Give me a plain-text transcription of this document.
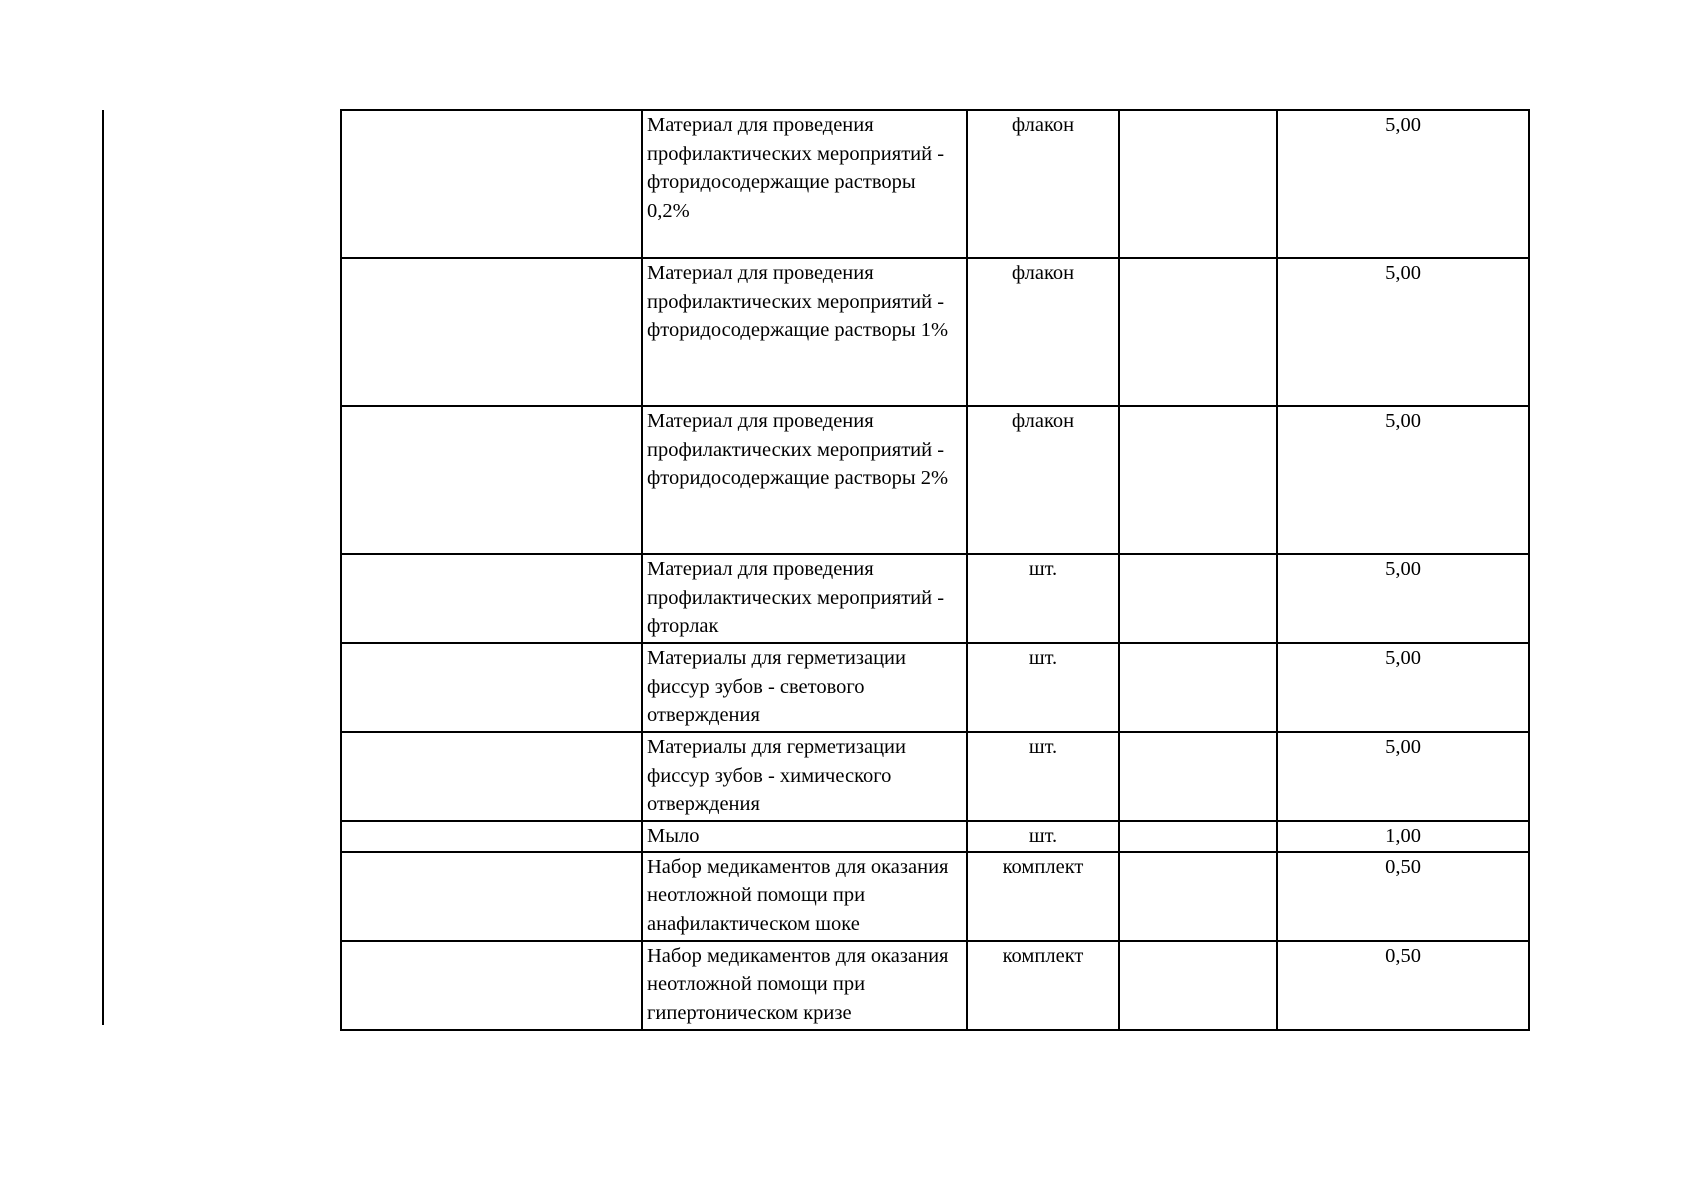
	Материал для проведения профилактических мероприятий - фторидосодержащие растворы 0,2%	флакон		5,00
	Материал для проведения профилактических мероприятий - фторидосодержащие растворы 1%	флакон		5,00
	Материал для проведения профилактических мероприятий - фторидосодержащие растворы 2%	флакон		5,00
	Материал для проведения профилактических мероприятий - фторлак	шт.		5,00
	Материалы для герметизации фиссур зубов - светового отверждения	шт.		5,00
	Материалы для герметизации фиссур зубов - химического отверждения	шт.		5,00
	Мыло	шт.		1,00
	Набор медикаментов для оказания неотложной помощи при анафилактическом шоке	комплект		0,50
	Набор медикаментов для оказания неотложной помощи при гипертоническом кризе	комплект		0,50
